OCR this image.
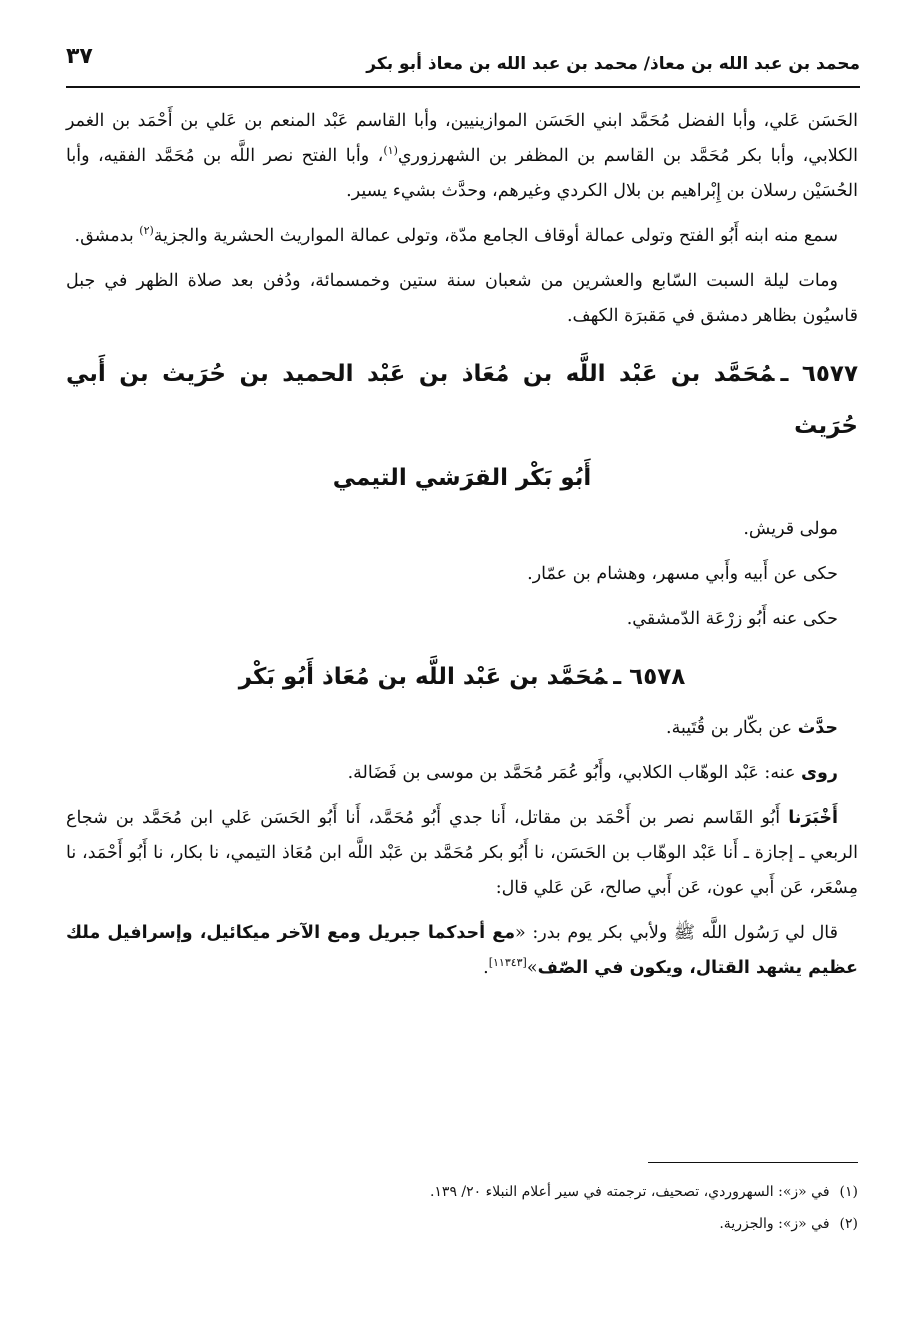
محمد بن عبد الله بن معاذ/ محمد بن عبد الله بن معاذ أبو بكر
٣٧

الحَسَن عَلي، وأبا الفضل مُحَمَّد ابني الحَسَن الموازينيين، وأبا القاسم عَبْد المنعم بن عَلي بن أَحْمَد بن الغمر الكلابي، وأبا بكر مُحَمَّد بن القاسم بن المظفر بن الشهرزوري$^{(١)}$، وأبا الفتح نصر اللَّه بن مُحَمَّد الفقيه، وأبا الحُسَيْن رسلان بن إِبْراهيم بن بلال الكردي وغيرهم، وحدَّث بشيء يسير.

سمع منه ابنه أَبُو الفتح وتولى عمالة أوقاف الجامع مدّة، وتولى عمالة المواريث الحشرية والجزية$^{(٢)}$ بدمشق.

ومات ليلة السبت السّابع والعشرين من شعبان سنة ستين وخمسمائة، ودُفن بعد صلاة الظهر في جبل قاسيُون بظاهر دمشق في مَقبرَة الكهف.

٦٥٧٧ ـمُحَمَّد بن عَبْد اللَّه بن مُعَاذ بن عَبْد الحميد بن حُرَيث بن أَبي حُرَيث
أَبُو بَكْر القرَشي التيمي

مولى قريش.

حكى عن أَبيه وأَبي مسهر، وهشام بن عمّار.

حكى عنه أَبُو زرْعَة الدّمشقي.

٦٥٧٨ ـمُحَمَّد بن عَبْد اللَّه بن مُعَاذ أَبُو بَكْر

حدَّث عن بكّار بن قُتَيبة.

روى عنه: عَبْد الوهّاب الكلابي، وأَبُو عُمَر مُحَمَّد بن موسى بن فَضَالة.

أَخْبَرَنا أَبُو القَاسم نصر بن أَحْمَد بن مقاتل، أَنا جدي أَبُو مُحَمَّد، أَنا أَبُو الحَسَن عَلي ابن مُحَمَّد بن شجاع الربعي ـ إجازة ـ أَنا عَبْد الوهّاب بن الحَسَن، نا أَبُو بكر مُحَمَّد بن عَبْد اللَّه ابن مُعَاذ التيمي، نا بكار، نا أَبُو أَحْمَد، نا مِسْعَر، عَن أَبي عون، عَن أَبي صالح، عَن عَلي قال:

قال لي رَسُول اللَّه ﷺ ولأبي بكر يوم بدر: «مع أحدكما جبريل ومع الآخر ميكائيل، وإسرافيل ملك عظيم يشهد القتال، ويكون في الصّف»[١١٣٤٣].

(١)في «ز»: السهروردي، تصحيف، ترجمته في سير أعلام النبلاء ٢٠/ ١٣٩.
(٢)في «ز»: والجزرية.
